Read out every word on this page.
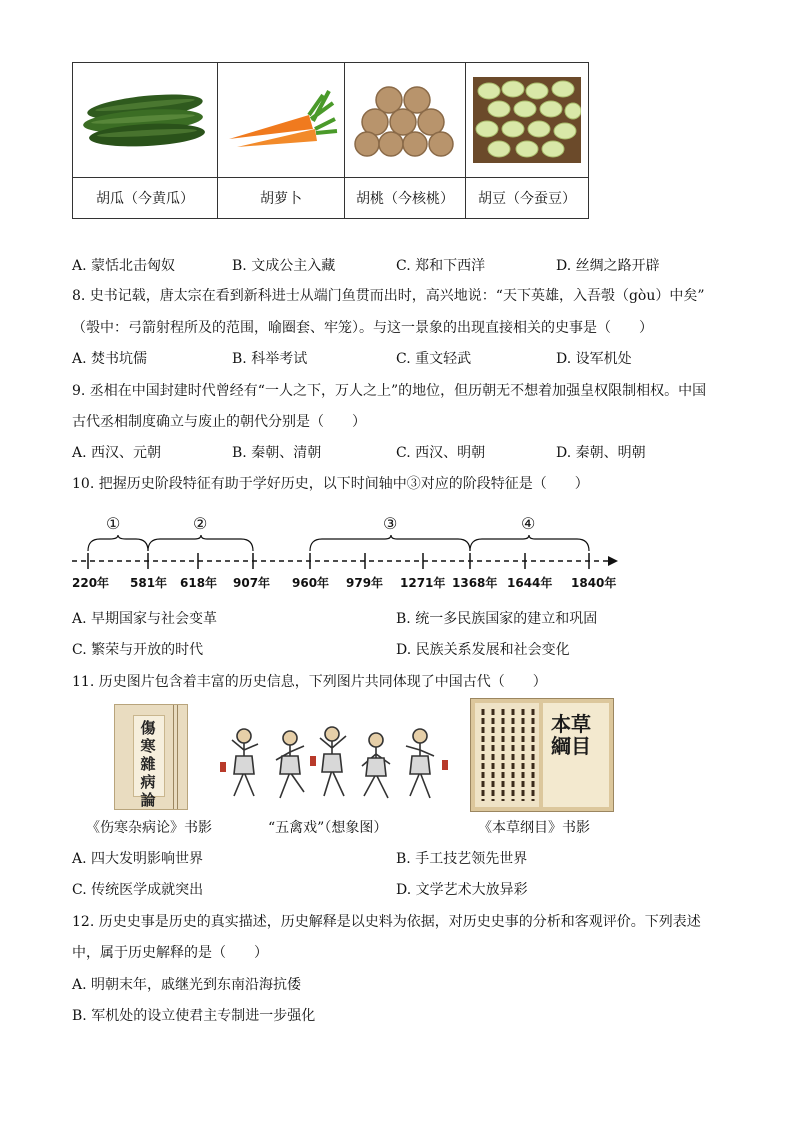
胡瓜（今黄瓜）	胡萝卜	胡桃（今核桃）	胡豆（今蚕豆）
A. 蒙恬北击匈奴	B. 文成公主入藏	C. 郑和下西洋	D. 丝绸之路开辟
8. 史书记载，唐太宗在看到新科进士从端门鱼贯而出时，高兴地说：“天下英雄，入吾彀（gòu）中矣”
（彀中：弓箭射程所及的范围，喻圈套、牢笼）。与这一景象的出现直接相关的史事是（　　）
A. 焚书坑儒	B. 科举考试	C. 重文轻武	D. 设军机处
9. 丞相在中国封建时代曾经有“一人之下，万人之上”的地位，但历朝无不想着加强皇权限制相权。中国
古代丞相制度确立与废止的朝代分别是（　　）
A. 西汉、元朝	B. 秦朝、清朝	C. 西汉、明朝	D. 秦朝、明朝
10. 把握历史阶段特征有助于学好历史，以下时间轴中③对应的阶段特征是（　　）
①	②	③	④
220年 581年 618年 907年 960年 979年 1271年 1368年 1644年 1840年
A. 早期国家与社会变革	B. 统一多民族国家的建立和巩固
C. 繁荣与开放的时代	D. 民族关系发展和社会变化
11. 历史图片包含着丰富的历史信息，下列图片共同体现了中国古代（　　）
傷寒雜病論
本草綱目
《伤寒杂病论》书影	“五禽戏”（想象图）	《本草纲目》书影
A. 四大发明影响世界	B. 手工技艺领先世界
C. 传统医学成就突出	D. 文学艺术大放异彩
12. 历史史事是历史的真实描述，历史解释是以史料为依据，对历史史事的分析和客观评价。下列表述
中，属于历史解释的是（　　）
A. 明朝末年，戚继光到东南沿海抗倭
B. 军机处的设立使君主专制进一步强化
